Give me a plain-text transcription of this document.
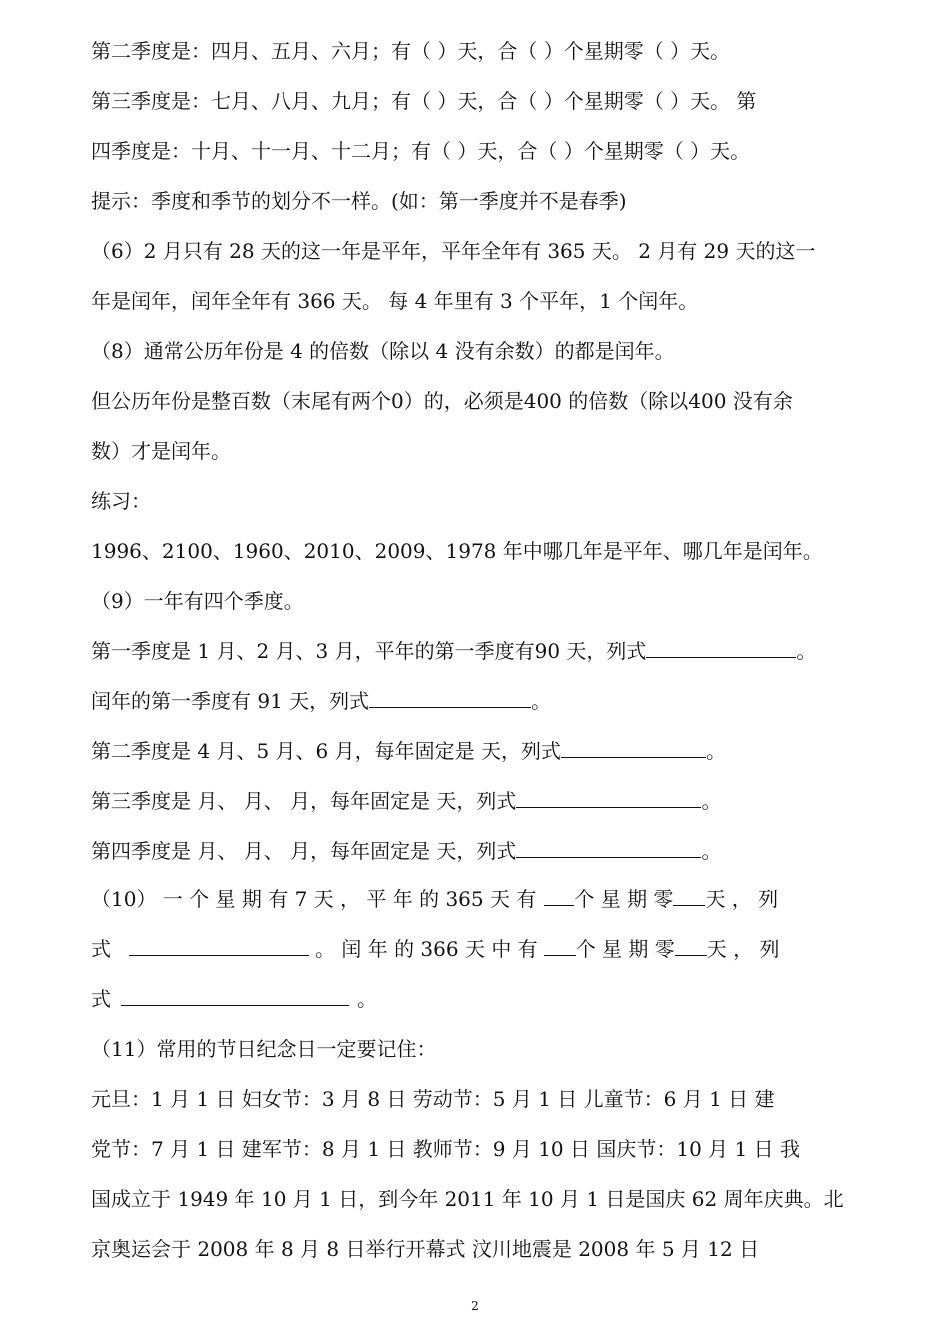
第二季度是：四月、五月、六月；有（ ）天，合（ ）个星期零（ ）天。
第三季度是：七月、八月、九月；有（ ）天，合（ ）个星期零（ ）天。 第
四季度是：十月、十一月、十二月；有（ ）天，合（ ）个星期零（ ）天。
提示：季度和季节的划分不一样。(如：第一季度并不是春季)
（6）2 月只有 28 天的这一年是平年，平年全年有 365 天。 2 月有 29 天的这一
年是闰年，闰年全年有 366 天。 每 4 年里有 3 个平年，1 个闰年。
（8）通常公历年份是 4 的倍数（除以 4 没有余数）的都是闰年。
但公历年份是整百数（末尾有两个0）的，必须是400 的倍数（除以400 没有余
数）才是闰年。
练习：
1996、2100、1960、2010、2009、1978 年中哪几年是平年、哪几年是闰年。
（9）一年有四个季度。
第一季度是 1 月、2 月、3 月，平年的第一季度有90 天，列式	。
闰年的第一季度有 91 天，列式	。
第二季度是 4 月、5 月、6 月，每年固定是 天，列式	。
第三季度是 月、 月、 月，每年固定是 天，列式	。
第四季度是 月、 月、 月，每年固定是 天，列式	。
（10） 一 个 星 期 有 7 天 ， 平 年 的 365 天 有 个 星 期 零 天 ， 列
式	。 闰 年 的 366 天 中 有 个 星 期 零 天 ， 列
式	。
（11）常用的节日纪念日一定要记住：
元旦：1 月 1 日 妇女节：3 月 8 日 劳动节：5 月 1 日 儿童节：6 月 1 日 建
党节：7 月 1 日 建军节：8 月 1 日 教师节：9 月 10 日 国庆节：10 月 1 日 我
国成立于 1949 年 10 月 1 日，到今年 2011 年 10 月 1 日是国庆 62 周年庆典。北
京奥运会于 2008 年 8 月 8 日举行开幕式 汶川地震是 2008 年 5 月 12 日
2
